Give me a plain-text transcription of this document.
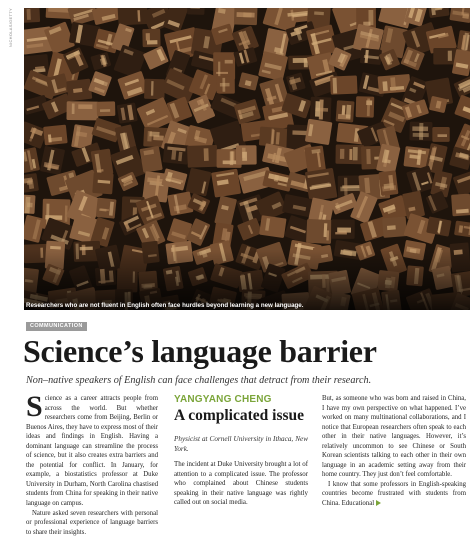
NICHOLAS/GETTY
Researchers who are not fluent in English often face hurdles beyond learning a new language.
COMMUNICATION
Science’s language barrier
Non–native speakers of English can face challenges that detract from their research.

Science as a career attracts people from across the world. But whether researchers come from Beijing, Berlin or Buenos Aires, they have to express most of their ideas and findings in English. Having a dominant language can streamline the process of science, but it also creates extra barriers and the potential for conflict. In January, for example, a biostatistics professor at Duke University in Durham, North Carolina chastised students from China for speaking in their native language on campus.

Nature asked seven researchers with personal or professional experience of language barriers to share their insights.

YANGYANG CHENG
A complicated issue
Physicist at Cornell University in Ithaca, New York.

The incident at Duke University brought a lot of attention to a complicated issue. The professor who complained about Chinese students speaking in their native language was rightly called out on social media.

But, as someone who was born and raised in China, I have my own perspective on what happened. I’ve worked on many multinational collaborations, and I notice that European researchers often speak to each other in their native languages. However, it’s relatively uncommon to see Chinese or South Korean scientists talking to each other in their own language in an academic setting away from their home country. They just don’t feel comfortable.

I know that some professors in English-speaking countries become frustrated with students from China. Educational
